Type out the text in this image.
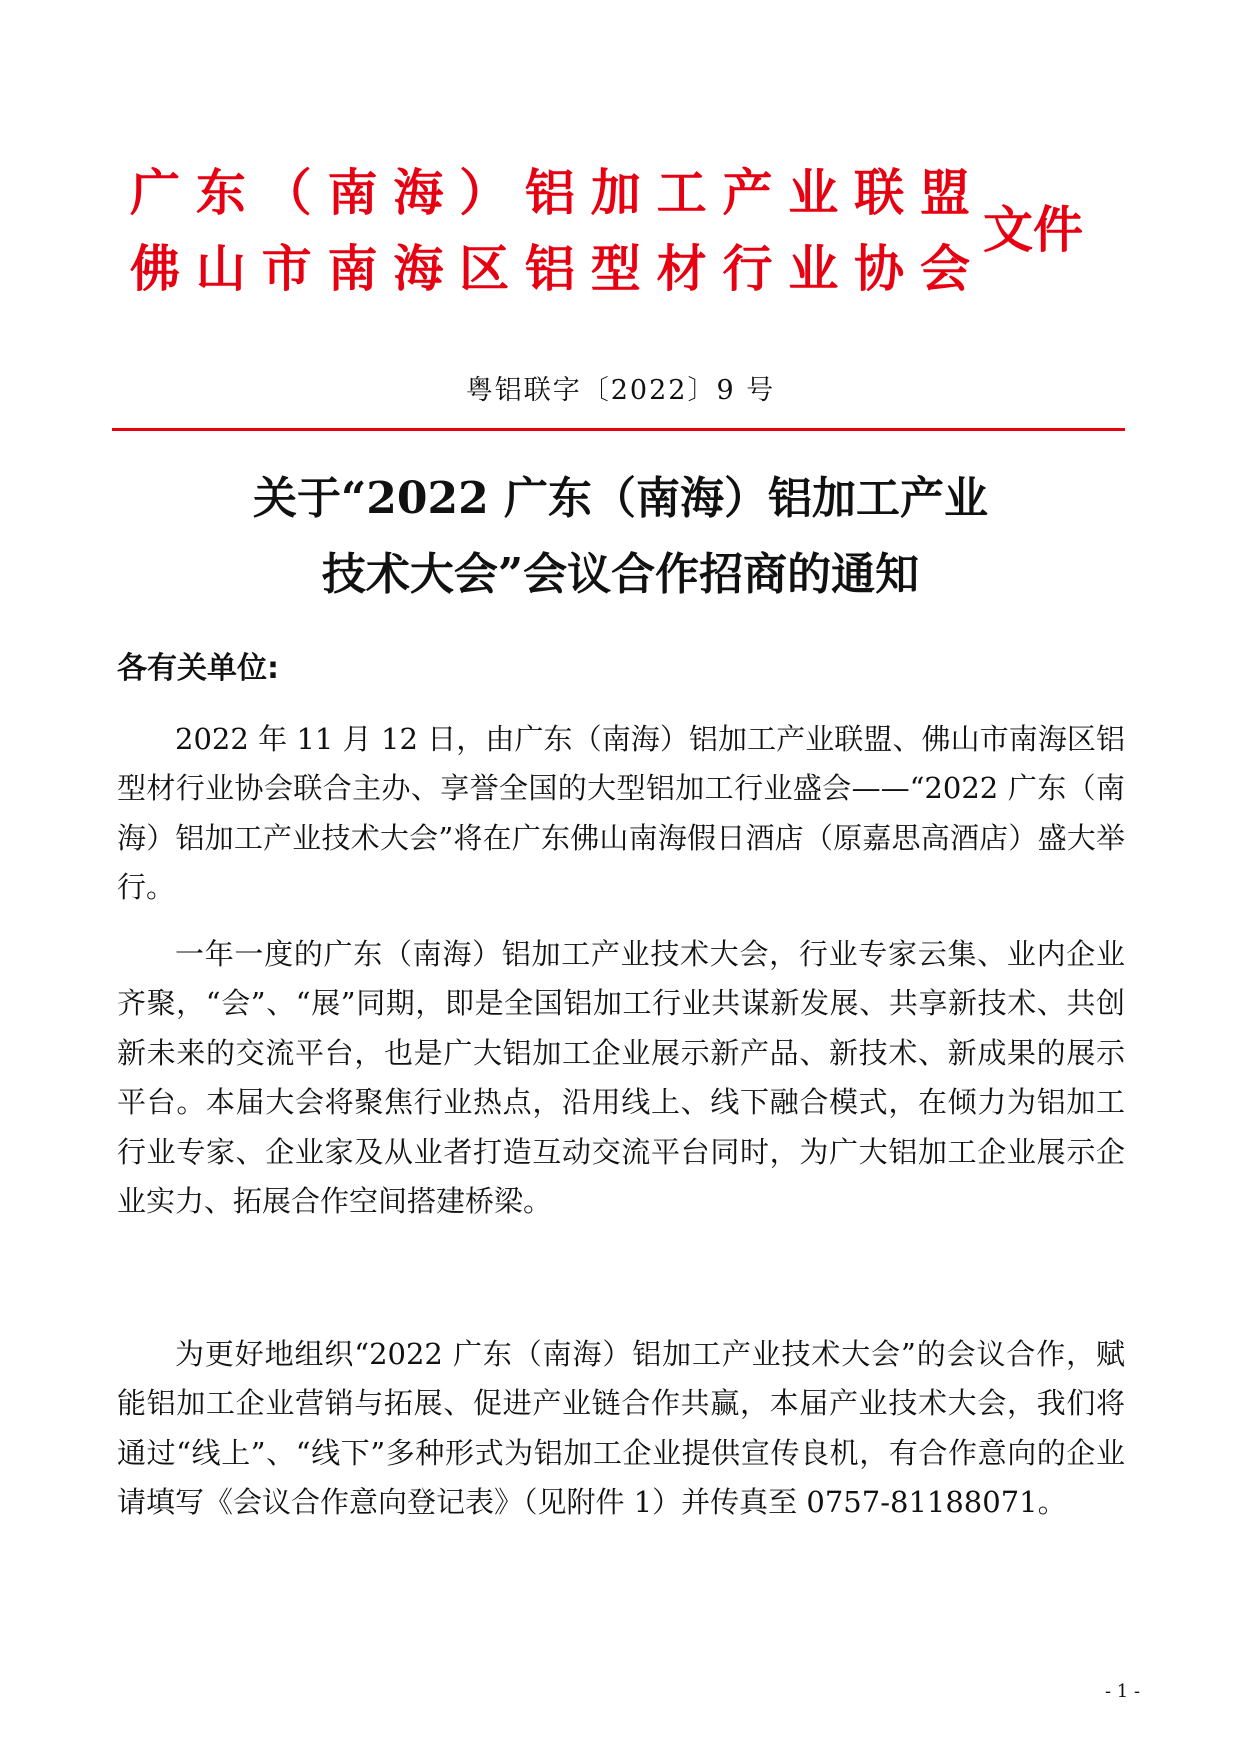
广 东 （ 南 海 ） 铝 加 工 产 业 联 盟
佛 山 市 南 海 区 铝 型 材 行 业 协 会
文件
粤铝联字〔2022〕9 号
关于“2022 广东（南海）铝加工产业
技术大会”会议合作招商的通知
各有关单位:

2022 年 11 月 12 日，由广东（南海）铝加工产业联盟、佛山市南海区铝型材行业协会联合主办、享誉全国的大型铝加工行业盛会——“2022 广东（南海）铝加工产业技术大会”将在广东佛山南海假日酒店（原嘉思高酒店）盛大举行。

一年一度的广东（南海）铝加工产业技术大会，行业专家云集、业内企业齐聚，“会”、“展”同期，即是全国铝加工行业共谋新发展、共享新技术、共创新未来的交流平台，也是广大铝加工企业展示新产品、新技术、新成果的展示平台。本届大会将聚焦行业热点，沿用线上、线下融合模式，在倾力为铝加工行业专家、企业家及从业者打造互动交流平台同时，为广大铝加工企业展示企业实力、拓展合作空间搭建桥梁。

为更好地组织“2022 广东（南海）铝加工产业技术大会”的会议合作，赋能铝加工企业营销与拓展、促进产业链合作共赢，本届产业技术大会，我们将通过“线上”、“线下”多种形式为铝加工企业提供宣传良机，有合作意向的企业请填写《会议合作意向登记表》（见附件 1）并传真至 0757-81188071。

- 1 -
